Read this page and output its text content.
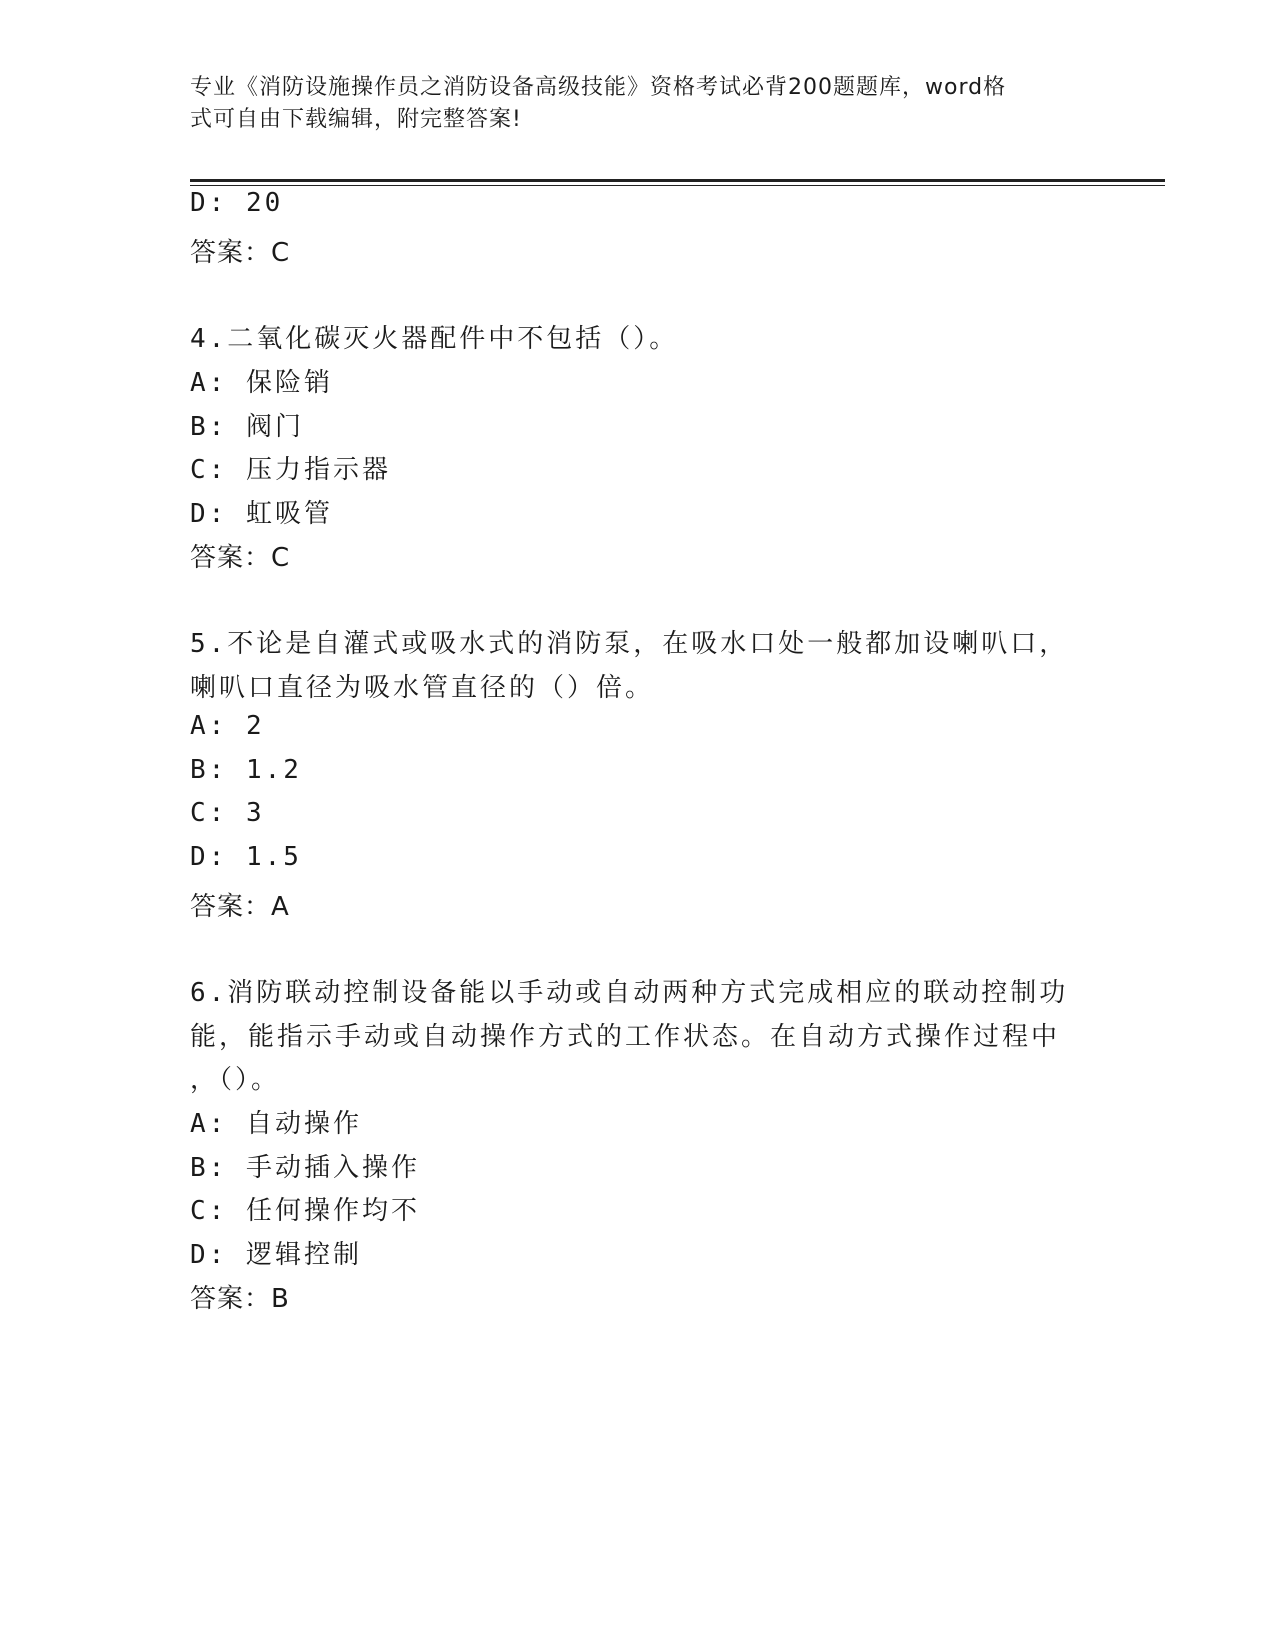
专业《消防设施操作员之消防设备高级技能》资格考试必背200题题库，word格
式可自由下载编辑，附完整答案!
D: 20
答案：C
4.二氧化碳灭火器配件中不包括（）。
A: 保险销
B: 阀门
C: 压力指示器
D: 虹吸管
答案：C
5.不论是自灌式或吸水式的消防泵，在吸水口处一般都加设喇叭口，
喇叭口直径为吸水管直径的（）倍。
A: 2
B: 1.2
C: 3
D: 1.5
答案：A
6.消防联动控制设备能以手动或自动两种方式完成相应的联动控制功
能，能指示手动或自动操作方式的工作状态。在自动方式操作过程中
，（）。
A: 自动操作
B: 手动插入操作
C: 任何操作均不
D: 逻辑控制
答案：B
